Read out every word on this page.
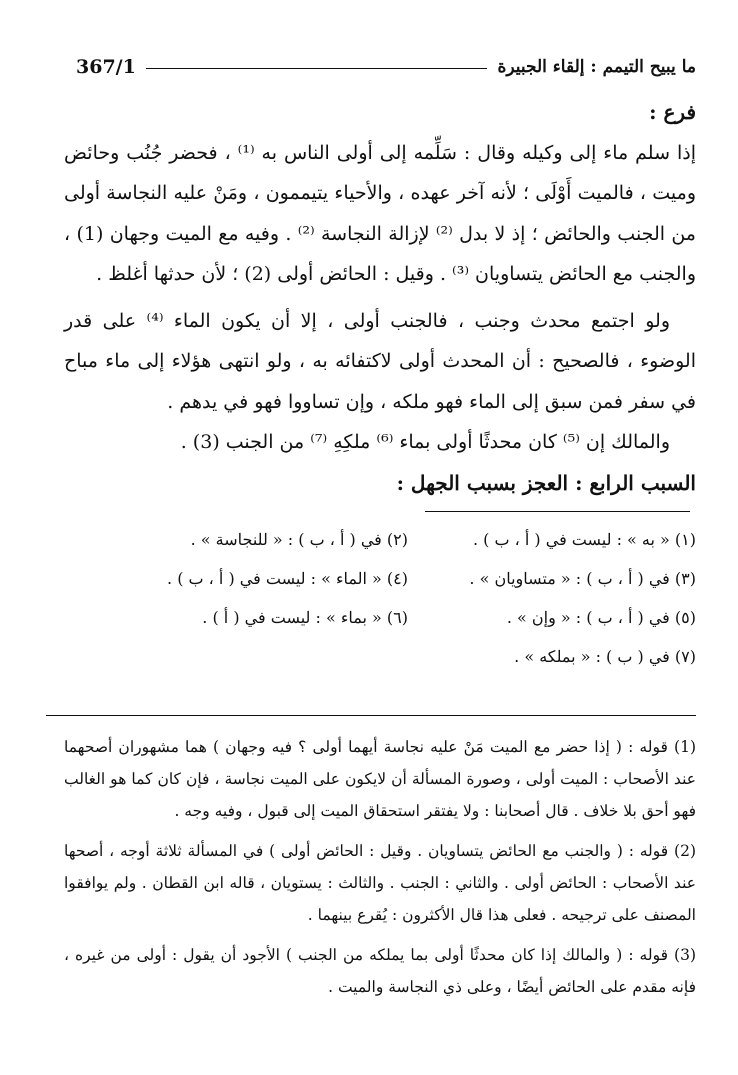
367/1	ما يبيح التيمم : إلقاء الجبيرة

فرع :

إذا سلم ماء إلى وكيله وقال : سَلِّمه إلى أولى الناس به ⁽¹⁾ ، فحضر جُنُب وحائض وميت ، فالميت أَوْلَى ؛ لأنه آخر عهده ، والأحياء يتيممون ، ومَنْ عليه النجاسة أولى من الجنب والحائض ؛ إذ لا بدل ⁽²⁾ لإزالة النجاسة ⁽²⁾ . وفيه مع الميت وجهان (1) ، والجنب مع الحائض يتساويان ⁽³⁾ . وقيل : الحائض أولى (2) ؛ لأن حدثها أغلظ .

ولو اجتمع محدث وجنب ، فالجنب أولى ، إلا أن يكون الماء ⁽⁴⁾ على قدر الوضوء ، فالصحيح : أن المحدث أولى لاكتفائه به ، ولو انتهى هؤلاء إلى ماء مباح في سفر فمن سبق إلى الماء فهو ملكه ، وإن تساووا فهو في يدهم .

والمالك إن ⁽⁵⁾ كان محدثًا أولى بماء ⁽⁶⁾ ملكِهِ ⁽⁷⁾ من الجنب (3) .

السبب الرابع : العجز بسبب الجهل :

(١) « به » : ليست في ( أ ، ب ) .
(٢) في ( أ ، ب ) : « للنجاسة » .
(٣) في ( أ ، ب ) : « متساويان » .
(٤) « الماء » : ليست في ( أ ، ب ) .
(٥) في ( أ ، ب ) : « وإن » .
(٦) « بماء » : ليست في ( أ ) .
(٧) في ( ب ) : « بملكه » .

(1) قوله : ( إذا حضر مع الميت مَنْ عليه نجاسة أيهما أولى ؟ فيه وجهان ) هما مشهوران أصحهما عند الأصحاب : الميت أولى ، وصورة المسألة أن لايكون على الميت نجاسة ، فإن كان كما هو الغالب فهو أحق بلا خلاف . قال أصحابنا : ولا يفتقر استحقاق الميت إلى قبول ، وفيه وجه .

(2) قوله : ( والجنب مع الحائض يتساويان . وقيل : الحائض أولى ) في المسألة ثلاثة أوجه ، أصحها عند الأصحاب : الحائض أولى . والثاني : الجنب . والثالث : يستويان ، قاله ابن القطان . ولم يوافقوا المصنف على ترجيحه . فعلى هذا قال الأكثرون : يُقرع بينهما .

(3) قوله : ( والمالك إذا كان محدثًا أولى بما يملكه من الجنب ) الأجود أن يقول : أولى من غيره ، فإنه مقدم على الحائض أيضًا ، وعلى ذي النجاسة والميت .
